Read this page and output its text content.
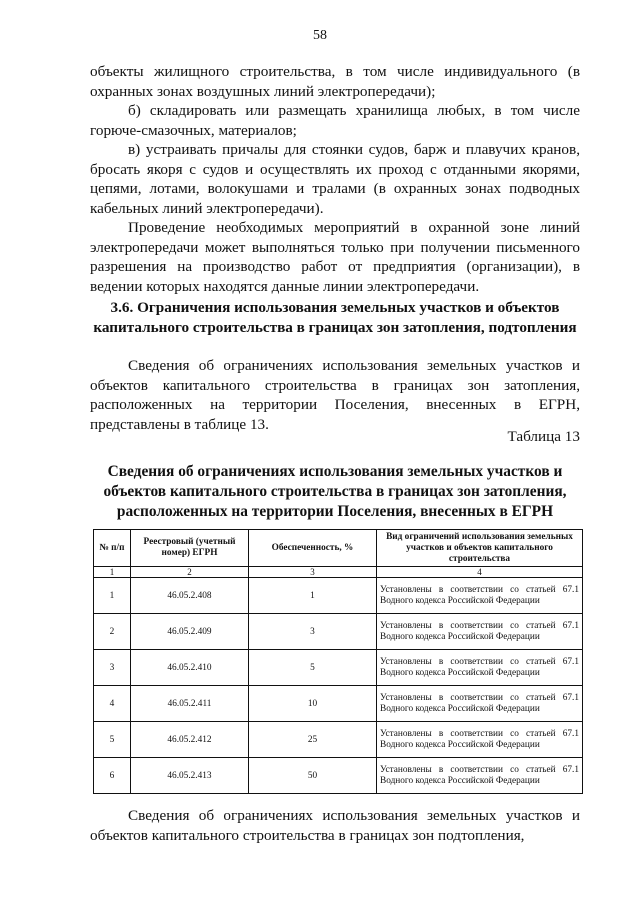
58

объекты жилищного строительства, в том числе индивидуального (в охранных зонах воздушных линий электропередачи);

б) складировать или размещать хранилища любых, в том числе горюче-смазочных, материалов;

в) устраивать причалы для стоянки судов, барж и плавучих кранов, бросать якоря с судов и осуществлять их проход с отданными якорями, цепями, лотами, волокушами и тралами (в охранных зонах подводных кабельных линий электропередачи).

Проведение необходимых мероприятий в охранной зоне линий электропередачи может выполняться только при получении письменного разрешения на производство работ от предприятия (организации), в ведении которых находятся данные линии электропередачи.

3.6. Ограничения использования земельных участков и объектов капитального строительства в границах зон затопления, подтопления

Сведения об ограничениях использования земельных участков и объектов капитального строительства в границах зон затопления, расположенных на территории Поселения, внесенных в ЕГРН, представлены в таблице 13.

Таблица 13
Сведения об ограничениях использования земельных участков и объектов капитального строительства в границах зон затопления, расположенных на территории Поселения, внесенных в ЕГРН
№ п/п	Реестровый (учетный номер) ЕГРН	Обеспеченность, %	Вид ограничений использования земельных участков и объектов капитального строительства
1	2	3	4
1	46.05.2.408	1	Установлены в соответствии со статьей 67.1 Водного кодекса Российской Федерации
2	46.05.2.409	3	Установлены в соответствии со статьей 67.1 Водного кодекса Российской Федерации
3	46.05.2.410	5	Установлены в соответствии со статьей 67.1 Водного кодекса Российской Федерации
4	46.05.2.411	10	Установлены в соответствии со статьей 67.1 Водного кодекса Российской Федерации
5	46.05.2.412	25	Установлены в соответствии со статьей 67.1 Водного кодекса Российской Федерации
6	46.05.2.413	50	Установлены в соответствии со статьей 67.1 Водного кодекса Российской Федерации

Сведения об ограничениях использования земельных участков и объектов капитального строительства в границах зон подтопления,
